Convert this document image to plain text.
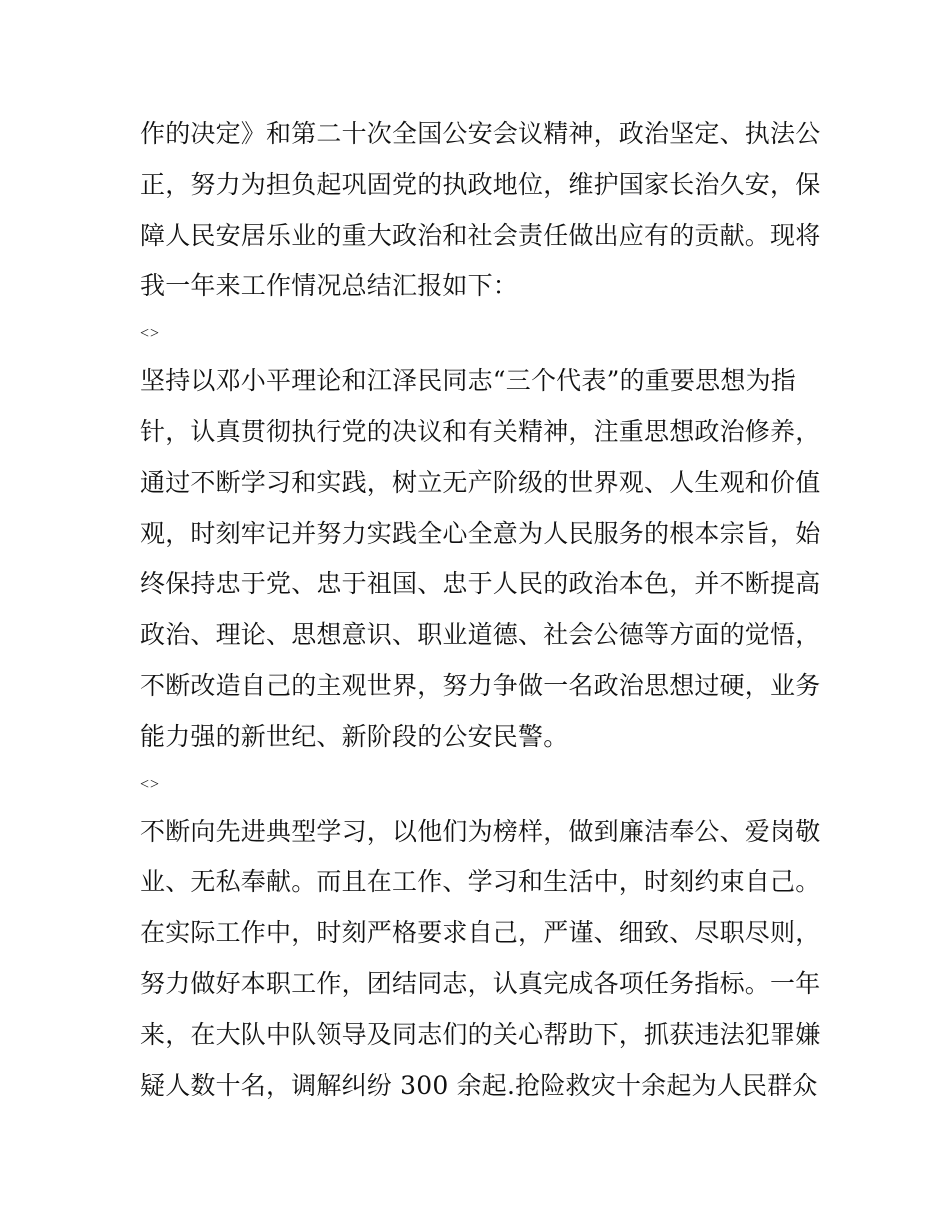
作的决定》和第二十次全国公安会议精神，政治坚定、执法公
正，努力为担负起巩固党的执政地位，维护国家长治久安，保
障人民安居乐业的重大政治和社会责任做出应有的贡献。现将
我一年来工作情况总结汇报如下：
<>
坚持以邓小平理论和江泽民同志“三个代表”的重要思想为指
针，认真贯彻执行党的决议和有关精神，注重思想政治修养，
通过不断学习和实践，树立无产阶级的世界观、人生观和价值
观，时刻牢记并努力实践全心全意为人民服务的根本宗旨，始
终保持忠于党、忠于祖国、忠于人民的政治本色，并不断提高
政治、理论、思想意识、职业道德、社会公德等方面的觉悟，
不断改造自己的主观世界，努力争做一名政治思想过硬，业务
能力强的新世纪、新阶段的公安民警。
<>
不断向先进典型学习，以他们为榜样，做到廉洁奉公、爱岗敬
业、无私奉献。而且在工作、学习和生活中，时刻约束自己。
在实际工作中，时刻严格要求自己，严谨、细致、尽职尽则，
努力做好本职工作，团结同志，认真完成各项任务指标。一年
来，在大队中队领导及同志们的关心帮助下，抓获违法犯罪嫌
疑人数十名，调解纠纷 300 余起.抢险救灾十余起为人民群众
